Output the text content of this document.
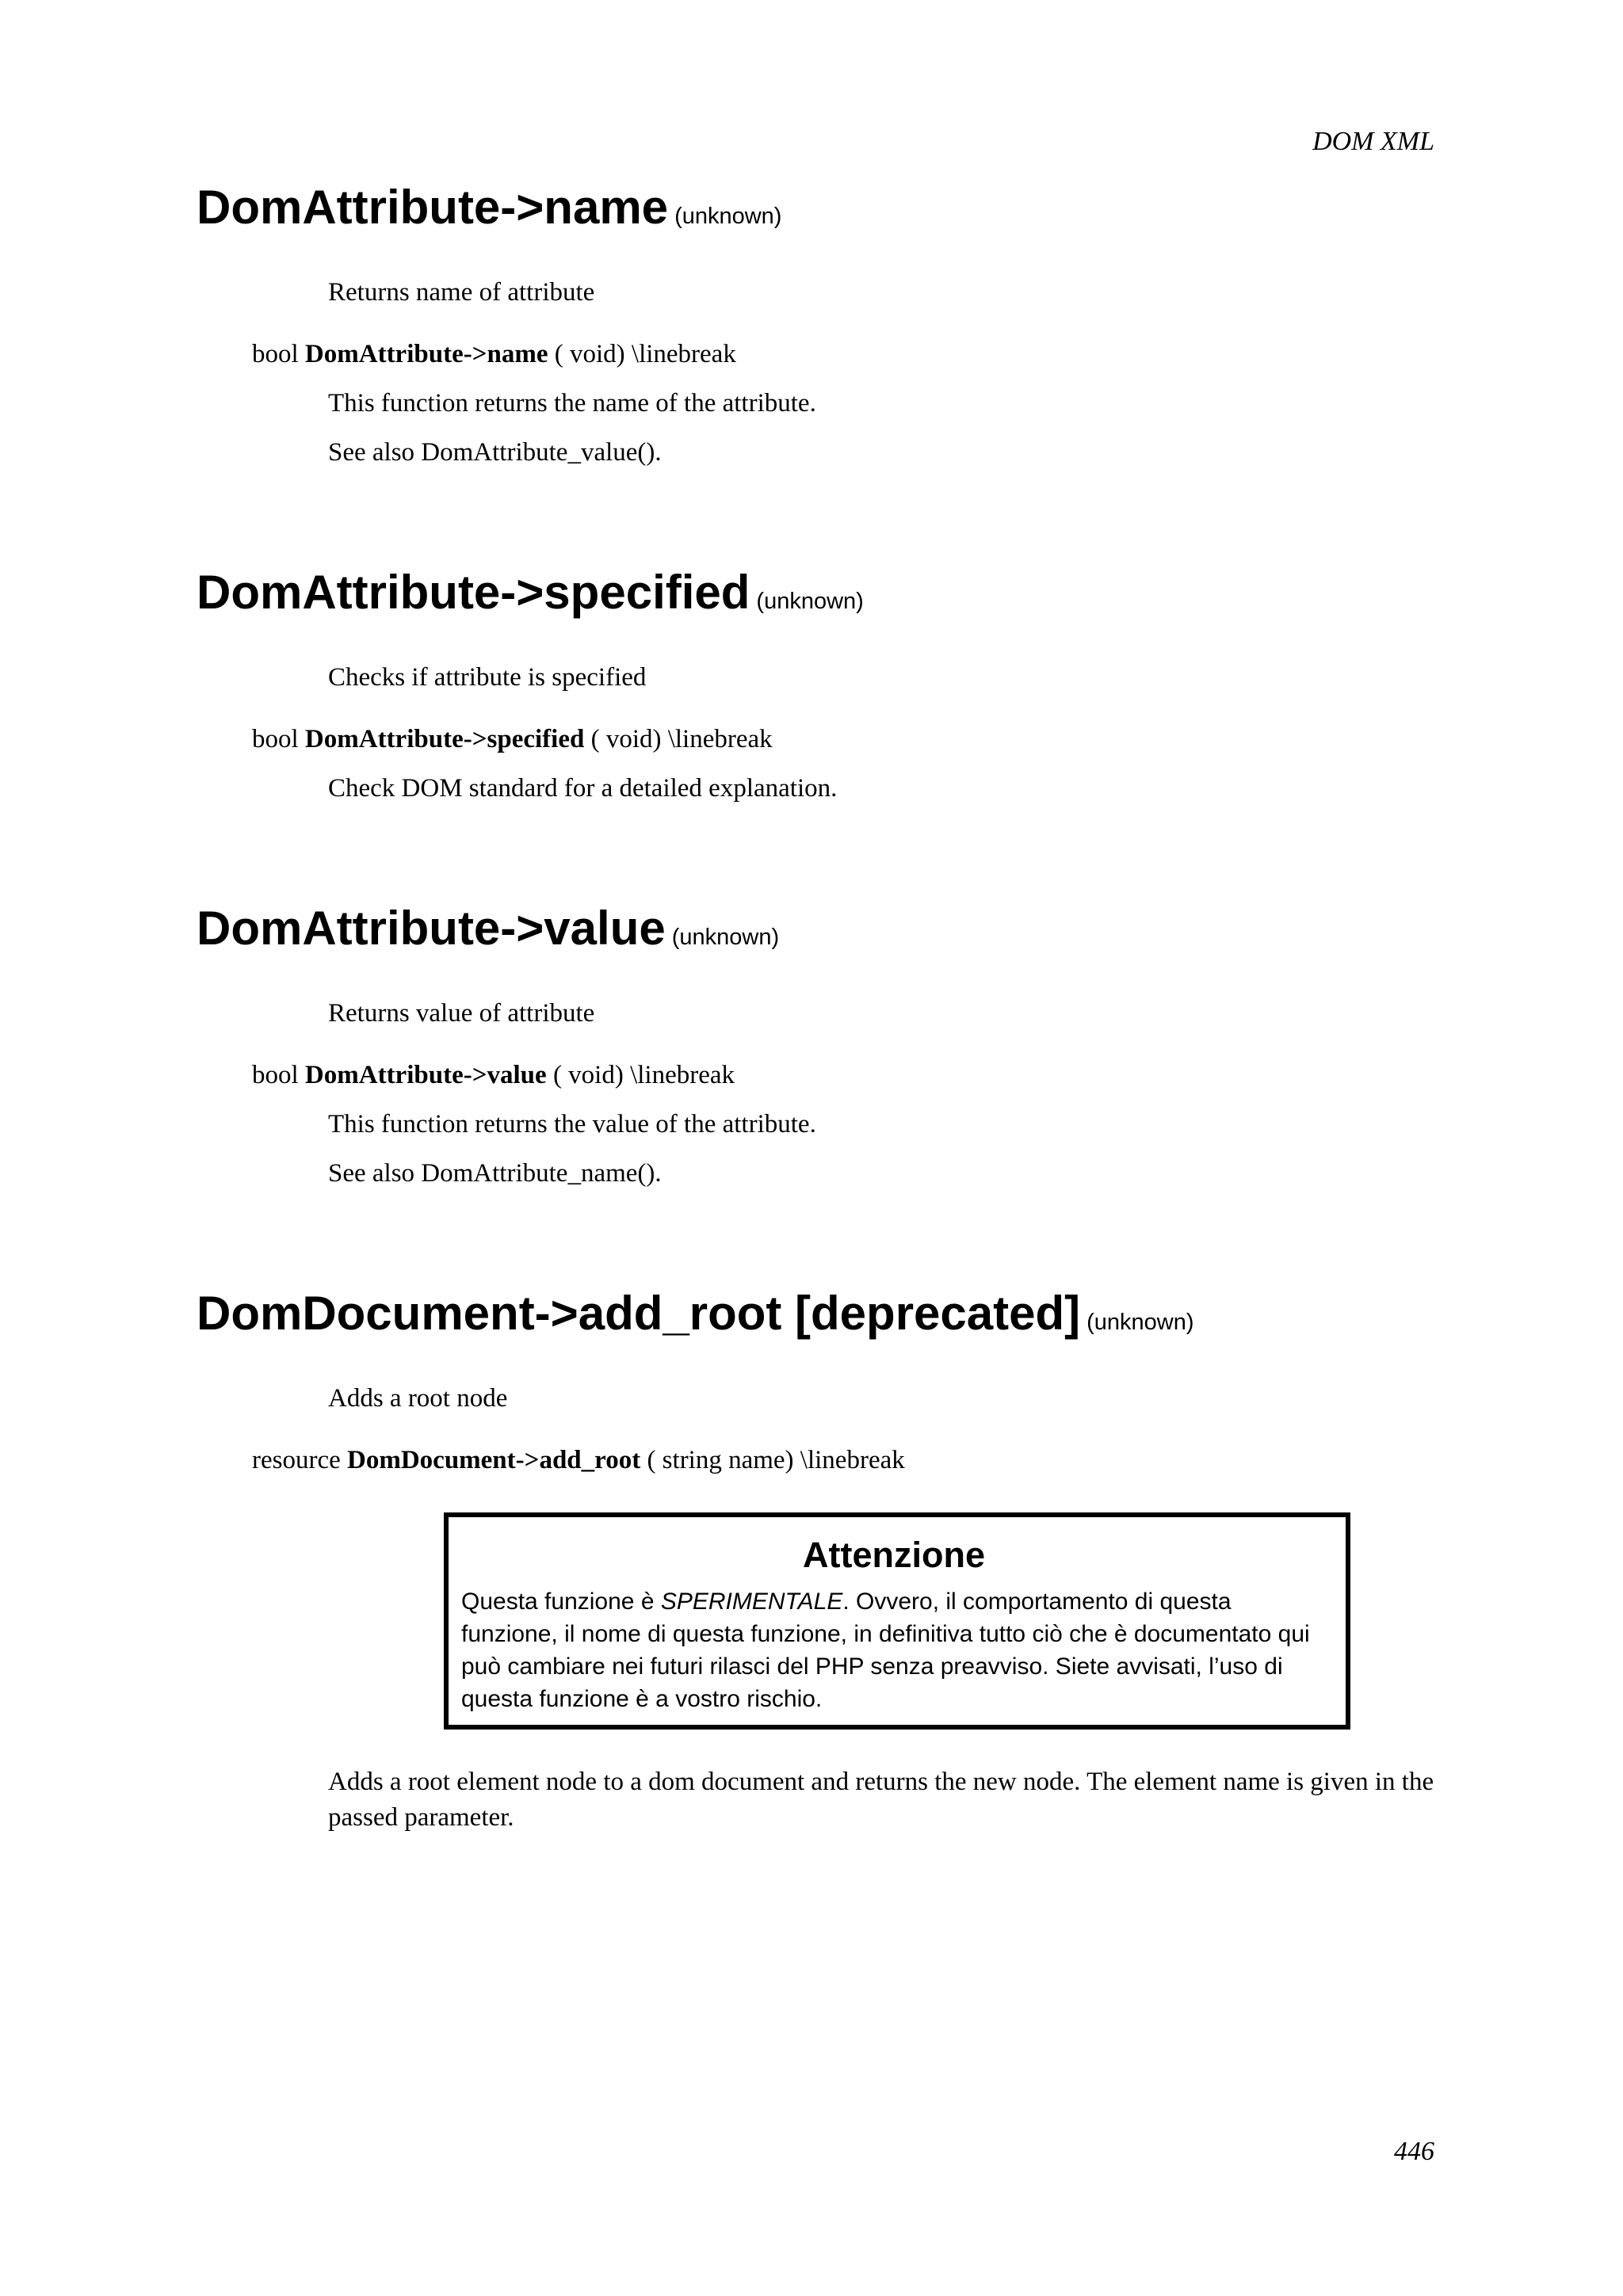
DOM XML
DomAttribute->name (unknown)
Returns name of attribute
bool DomAttribute->name ( void) \linebreak
This function returns the name of the attribute.
See also DomAttribute_value().
DomAttribute->specified (unknown)
Checks if attribute is specified
bool DomAttribute->specified ( void) \linebreak
Check DOM standard for a detailed explanation.
DomAttribute->value (unknown)
Returns value of attribute
bool DomAttribute->value ( void) \linebreak
This function returns the value of the attribute.
See also DomAttribute_name().
DomDocument->add_root [deprecated] (unknown)
Adds a root node
resource DomDocument->add_root ( string name) \linebreak
Attenzione

Questa funzione è SPERIMENTALE. Ovvero, il comportamento di questa funzione, il nome di questa funzione, in definitiva tutto ciò che è documentato qui può cambiare nei futuri rilasci del PHP senza preavviso. Siete avvisati, l’uso di questa funzione è a vostro rischio.

Adds a root element node to a dom document and returns the new node. The element name is given in the passed parameter.
446
